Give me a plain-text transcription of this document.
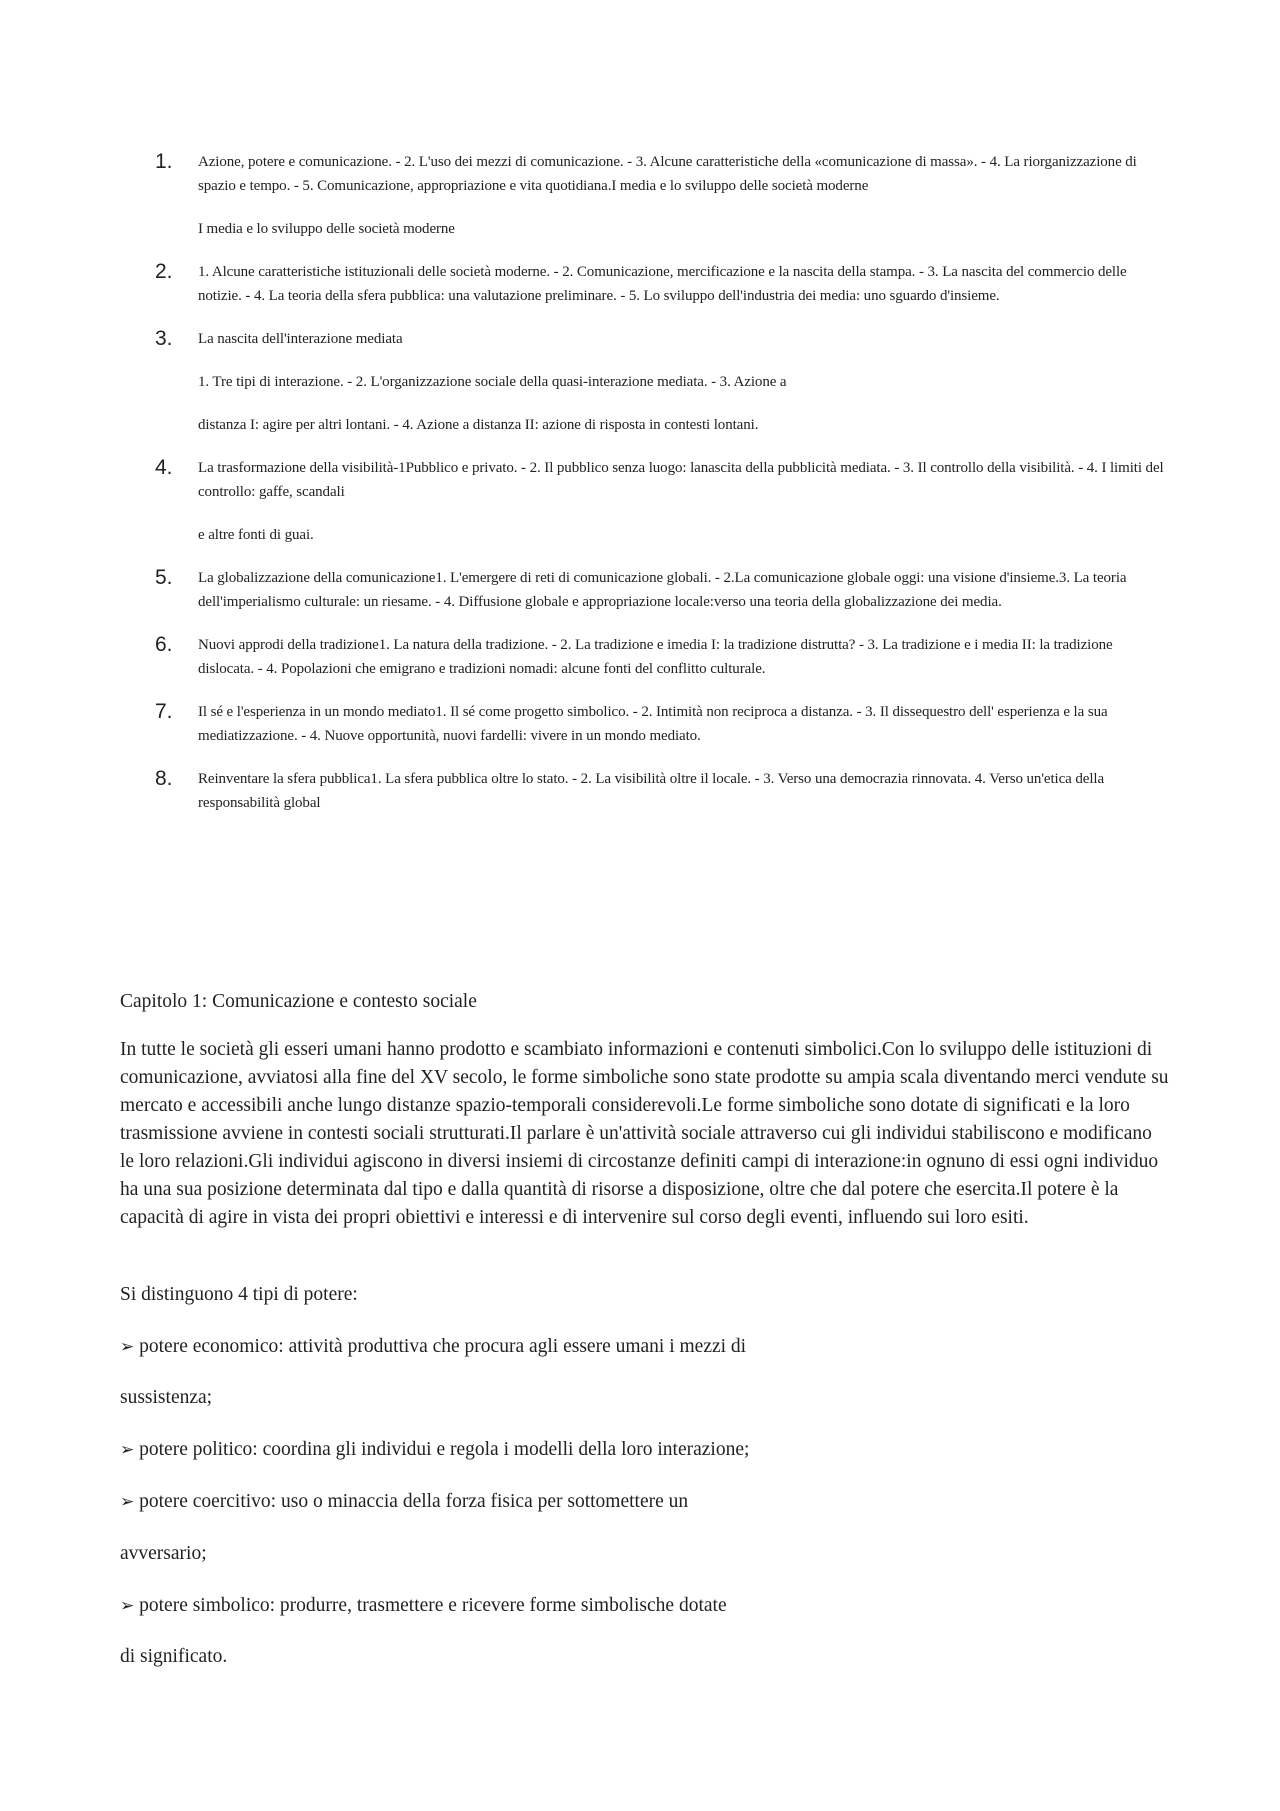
1. Azione, potere e comunicazione. - 2. L'uso dei mezzi di comunicazione. - 3. Alcune caratteristiche della «comunicazione di massa». - 4. La riorganizzazione di spazio e tempo. - 5. Comunicazione, appropriazione e vita quotidiana.I media e lo sviluppo delle società moderne
I media e lo sviluppo delle società moderne
2. 1. Alcune caratteristiche istituzionali delle società moderne. - 2. Comunicazione, mercificazione e la nascita della stampa. - 3. La nascita del commercio delle notizie. - 4. La teoria della sfera pubblica: una valutazione preliminare. - 5. Lo sviluppo dell'industria dei media: uno sguardo d'insieme.
3. La nascita dell'interazione mediata
1. Tre tipi di interazione. - 2. L'organizzazione sociale della quasi-interazione mediata. - 3. Azione a
distanza I: agire per altri lontani. - 4. Azione a distanza II: azione di risposta in contesti lontani.
4. La trasformazione della visibilità-1Pubblico e privato. - 2. Il pubblico senza luogo: lanascita della pubblicità mediata. - 3. Il controllo della visibilità. - 4. I limiti del controllo: gaffe, scandali
e altre fonti di guai.
5. La globalizzazione della comunicazione1. L'emergere di reti di comunicazione globali. - 2.La comunicazione globale oggi: una visione d'insieme.3. La teoria dell'imperialismo culturale: un riesame. - 4. Diffusione globale e appropriazione locale:verso una teoria della globalizzazione dei media.
6. Nuovi approdi della tradizione1. La natura della tradizione. - 2. La tradizione e imedia I: la tradizione distrutta? - 3. La tradizione e i media II: la tradizione dislocata. - 4. Popolazioni che emigrano e tradizioni nomadi: alcune fonti del conflitto culturale.
7. Il sé e l'esperienza in un mondo mediato1. Il sé come progetto simbolico. - 2. Intimità non reciproca a distanza. - 3. Il dissequestro dell' esperienza e la sua mediatizzazione. - 4. Nuove opportunità, nuovi fardelli: vivere in un mondo mediato.
8. Reinventare la sfera pubblica1. La sfera pubblica oltre lo stato. - 2. La visibilità oltre il locale. - 3. Verso una democrazia rinnovata. 4. Verso un'etica della responsabilità global
Capitolo 1: Comunicazione e contesto sociale
In tutte le società gli esseri umani hanno prodotto e scambiato informazioni e contenuti simbolici.Con lo sviluppo delle istituzioni di comunicazione, avviatosi alla fine del XV secolo, le forme simboliche sono state prodotte su ampia scala diventando merci vendute su mercato e accessibili anche lungo distanze spazio-temporali considerevoli.Le forme simboliche sono dotate di significati e la loro trasmissione avviene in contesti sociali strutturati.Il parlare è un'attività sociale attraverso cui gli individui stabiliscono e modificano le loro relazioni.Gli individui agiscono in diversi insiemi di circostanze definiti campi di interazione:in ognuno di essi ogni individuo ha una sua posizione determinata dal tipo e dalla quantità di risorse a disposizione, oltre che dal potere che esercita.Il potere è la capacità di agire in vista dei propri obiettivi e interessi e di intervenire sul corso degli eventi, influendo sui loro esiti.
Si distinguono 4 tipi di potere:
➢ potere economico: attività produttiva che procura agli essere umani i mezzi di
sussistenza;
➢ potere politico: coordina gli individui e regola i modelli della loro interazione;
➢ potere coercitivo: uso o minaccia della forza fisica per sottomettere un
avversario;
➢ potere simbolico: produrre, trasmettere e ricevere forme simbolische dotate
di significato.
